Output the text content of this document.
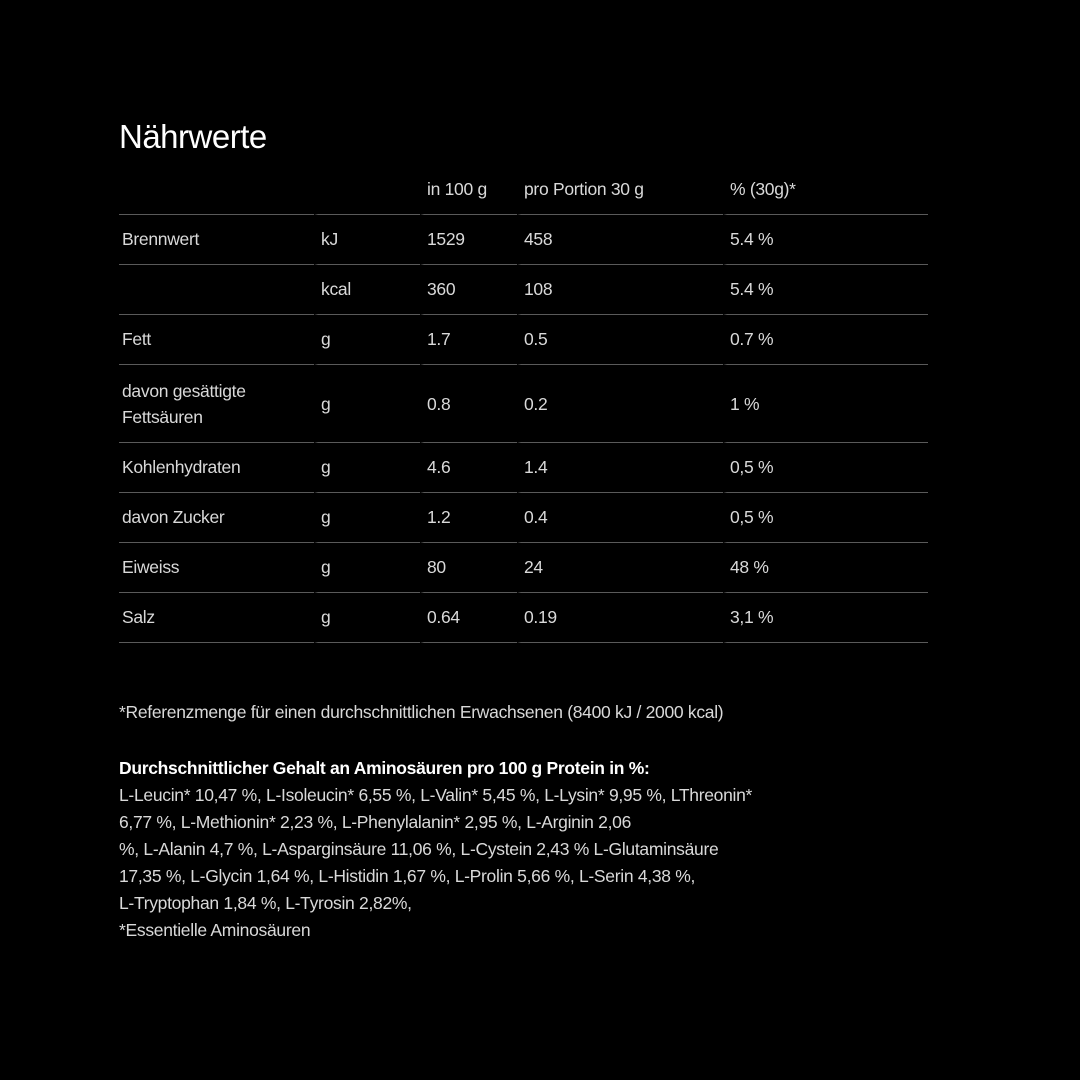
Nährwerte
		in 100 g	pro Portion 30 g	% (30g)*
Brennwert	kJ	1529	458	5.4 %
	kcal	360	108	5.4 %
Fett	g	1.7	0.5	0.7 %
davon gesättigte Fettsäuren	g	0.8	0.2	1 %
Kohlenhydraten	g	4.6	1.4	0,5 %
davon Zucker	g	1.2	0.4	0,5 %
Eiweiss	g	80	24	48 %
Salz	g	0.64	0.19	3,1 %

*Referenzmenge für einen durchschnittlichen Erwachsenen (8400 kJ / 2000 kcal)

Durchschnittlicher Gehalt an Aminosäuren pro 100 g Protein in %:
L-Leucin* 10,47 %, L-Isoleucin* 6,55 %, L-Valin* 5,45 %, L-Lysin* 9,95 %, LThreonin*
6,77 %, L-Methionin* 2,23 %, L-Phenylalanin* 2,95 %, L-Arginin 2,06
%, L-Alanin 4,7 %, L-Asparginsäure 11,06 %, L-Cystein 2,43 % L-Glutaminsäure
17,35 %, L-Glycin 1,64 %, L-Histidin 1,67 %, L-Prolin 5,66 %, L-Serin 4,38 %,
L-Tryptophan 1,84 %, L-Tyrosin 2,82%,
*Essentielle Aminosäuren
